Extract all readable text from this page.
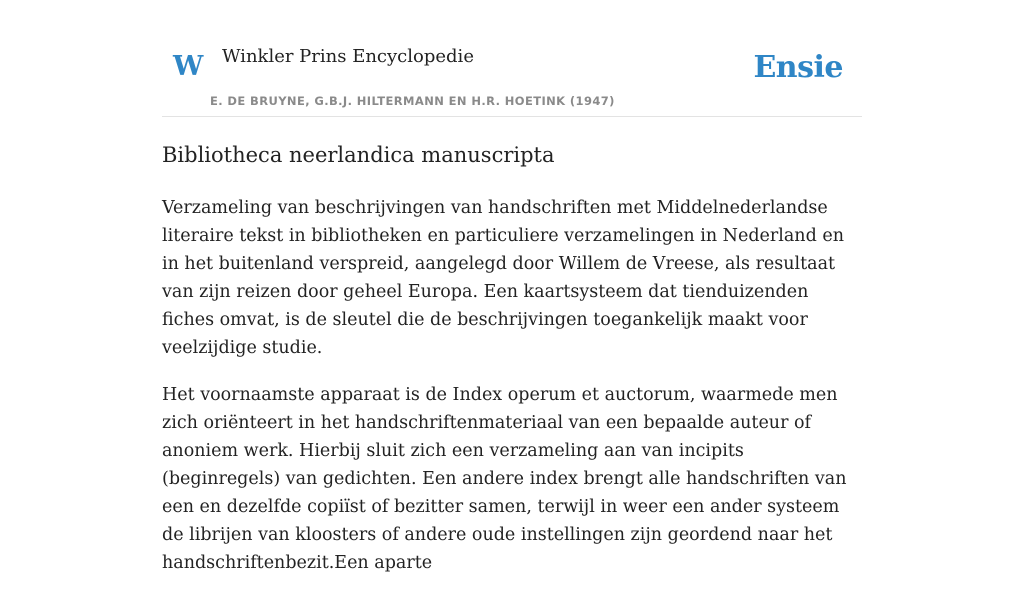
W Winkler Prins Encyclopedie
E. DE BRUYNE, G.B.J. HILTERMANN EN H.R. HOETINK (1947)
Ensie
Bibliotheca neerlandica manuscripta

Verzameling van beschrijvingen van handschriften met Middelnederlandse literaire tekst in bibliotheken en particuliere verzamelingen in Nederland en in het buitenland verspreid, aangelegd door Willem de Vreese, als resultaat van zijn reizen door geheel Europa. Een kaartsysteem dat tienduizenden fiches omvat, is de sleutel die de beschrijvingen toegankelijk maakt voor veelzijdige studie.

Het voornaamste apparaat is de Index operum et auctorum, waarmede men zich oriënteert in het handschriftenmateriaal van een bepaalde auteur of anoniem werk. Hierbij sluit zich een verzameling aan van incipits (beginregels) van gedichten. Een andere index brengt alle handschriften van een en dezelfde copiïst of bezitter samen, terwijl in weer een ander systeem de librijen van kloosters of andere oude instellingen zijn geordend naar het handschriftenbezit.Een aparte
